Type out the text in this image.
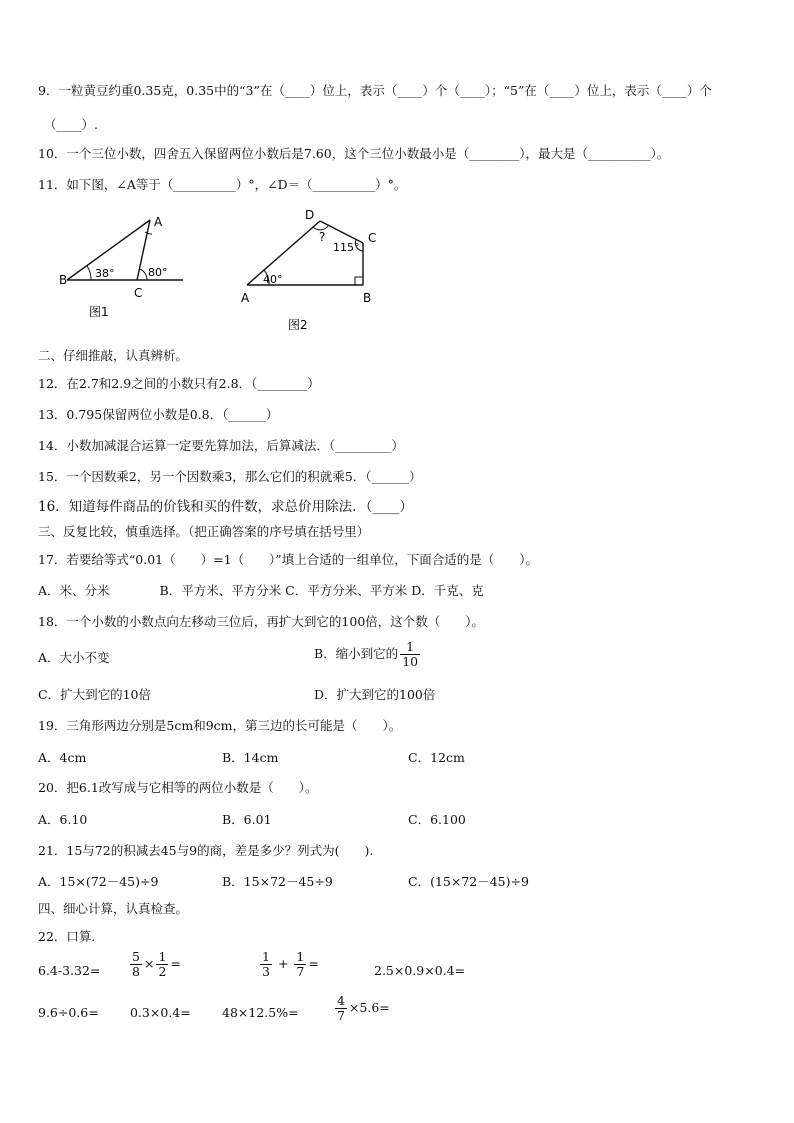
9．一粒黄豆约重0.35克，0.35中的“3”在（____）位上，表示（____）个（____）；“5”在（____）位上，表示（____）个
（____）.
10．一个三位小数，四舍五入保留两位小数后是7.60，这个三位小数最小是（________），最大是（__________）。
11．如下图，∠A等于（__________）°，∠D＝（__________）°。
A
B
C
38°	80°
图1
D
C
A	B
?
115°
40°
图2
二、仔细推敲，认真辨析。
12．在2.7和2.9之间的小数只有2.8．（________）
13．0.795保留两位小数是0.8．（______）
14．小数加减混合运算一定要先算加法，后算减法．（_________）
15．一个因数乘2，另一个因数乘3，那么它们的积就乘5．（______）
16．知道每件商品的价钱和买的件数，求总价用除法．（____）
三、反复比较，慎重选择。（把正确答案的序号填在括号里）
17．若要给等式“0.01（　　）=1（　　）”填上合适的一组单位，下面合适的是（　　）。
A．米、分米　　　　B．平方米、平方分米 C．平方分米、平方米 D．千克、克
18．一个小数的小数点向左移动三位后，再扩大到它的100倍，这个数（　　）。
A．大小不变	B．缩小到它的 $\frac{1}{10}$
C．扩大到它的10倍	D．扩大到它的100倍
19．三角形两边分别是5cm和9cm，第三边的长可能是（　　）。
A．4cm	B．14cm	C．12cm
20．把6.1改写成与它相等的两位小数是（　　）。
A．6.10	B．6.01	C．6.100
21．15与72的积减去45与9的商，差是多少？列式为(　　).
A．15×(72－45)÷9	B．15×72－45÷9	C．(15×72－45)÷9
四、细心计算，认真检查。
22．口算.
$6.4-3.32= \frac{5}{8} \times \frac{1}{2}$ =	$\frac{1}{3} + \frac{1}{7}$ =	2.5×0.9×0.4=
9.6÷0.6=	0.3×0.4=	48×12.5%=	$\frac{4}{7} \times 5.6=$
